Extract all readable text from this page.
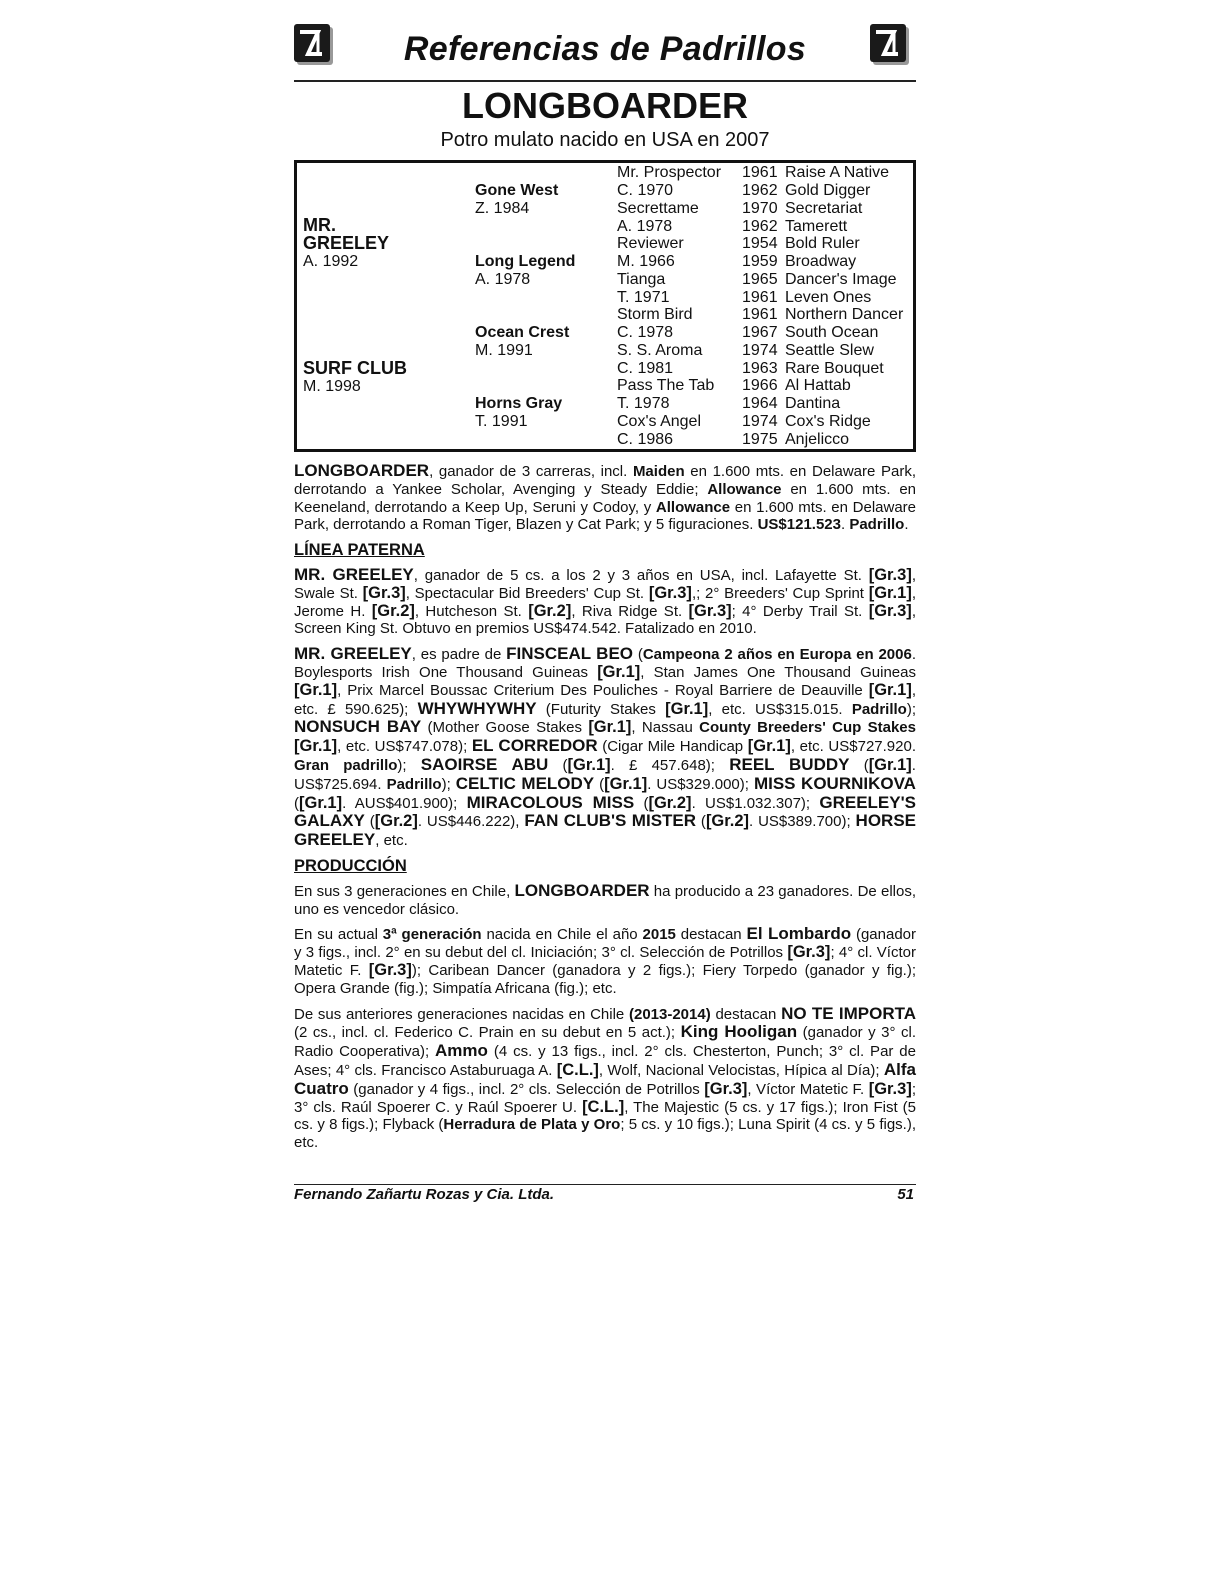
Referencias de Padrillos
LONGBOARDER
Potro mulato nacido en USA en 2007
MR.
GREELEY
A. 1992
SURF CLUB
M. 1998
Gone West
Z. 1984
Long Legend
A. 1978
Ocean Crest
M. 1991
Horns Gray
T. 1991
Mr. Prospector
C. 1970
Secrettame
A. 1978
Reviewer
M. 1966
Tianga
T. 1971
Storm Bird
C. 1978
S. S. Aroma
C. 1981
Pass The Tab
T. 1978
Cox's Angel
C. 1986
1961
1962
1970
1962
1954
1959
1965
1961
1961
1967
1974
1963
1966
1964
1974
1975
Raise A Native
Gold Digger
Secretariat
Tamerett
Bold Ruler
Broadway
Dancer's Image
Leven Ones
Northern Dancer
South Ocean
Seattle Slew
Rare Bouquet
Al Hattab
Dantina
Cox's Ridge
Anjelicco

LONGBOARDER, ganador de 3 carreras, incl. Maiden en 1.600 mts. en Delaware Park, derrotando a Yankee Scholar, Avenging y Steady Eddie; Allowance en 1.600 mts. en Keeneland, derrotando a Keep Up, Seruni y Codoy, y Allowance en 1.600 mts. en Delaware Park, derrotando a Roman Tiger, Blazen y Cat Park; y 5 figuraciones. US$121.523. Padrillo.

LÍNEA PATERNA

MR. GREELEY, ganador de 5 cs. a los 2 y 3 años en USA, incl. Lafayette St. [Gr.3], Swale St. [Gr.3], Spectacular Bid Breeders' Cup St. [Gr.3],; 2° Breeders' Cup Sprint [Gr.1], Jerome H. [Gr.2], Hutcheson St. [Gr.2], Riva Ridge St. [Gr.3]; 4° Derby Trail St. [Gr.3], Screen King St. Obtuvo en premios US$474.542. Fatalizado en 2010.

MR. GREELEY, es padre de FINSCEAL BEO (Campeona 2 años en Europa en 2006. Boylesports Irish One Thousand Guineas [Gr.1], Stan James One Thousand Guineas [Gr.1], Prix Marcel Boussac Criterium Des Pouliches - Royal Barriere de Deauville [Gr.1], etc. £ 590.625); WHYWHYWHY (Futurity Stakes [Gr.1], etc. US$315.015. Padrillo); NONSUCH BAY (Mother Goose Stakes [Gr.1], Nassau County Breeders' Cup Stakes [Gr.1], etc. US$747.078); EL CORREDOR (Cigar Mile Handicap [Gr.1], etc. US$727.920. Gran padrillo); SAOIRSE ABU ([Gr.1]. £ 457.648); REEL BUDDY ([Gr.1]. US$725.694. Padrillo); CELTIC MELODY ([Gr.1]. US$329.000); MISS KOURNIKOVA ([Gr.1]. AUS$401.900); MIRACOLOUS MISS ([Gr.2]. US$1.032.307); GREELEY'S GALAXY ([Gr.2]. US$446.222), FAN CLUB'S MISTER ([Gr.2]. US$389.700); HORSE GREELEY, etc.

PRODUCCIÓN

En sus 3 generaciones en Chile, LONGBOARDER ha producido a 23 ganadores. De ellos, uno es vencedor clásico.

En su actual 3ª generación nacida en Chile el año 2015 destacan El Lombardo (ganador y 3 figs., incl. 2° en su debut del cl. Iniciación; 3° cl. Selección de Potrillos [Gr.3]; 4° cl. Víctor Matetic F. [Gr.3]); Caribean Dancer (ganadora y 2 figs.); Fiery Torpedo (ganador y fig.); Opera Grande (fig.); Simpatía Africana (fig.); etc.

De sus anteriores generaciones nacidas en Chile (2013-2014) destacan NO TE IMPORTA (2 cs., incl. cl. Federico C. Prain en su debut en 5 act.); King Hooligan (ganador y 3° cl. Radio Cooperativa); Ammo (4 cs. y 13 figs., incl. 2° cls. Chesterton, Punch; 3° cl. Par de Ases; 4° cls. Francisco Astaburuaga A. [C.L.], Wolf, Nacional Velocistas, Hípica al Día); Alfa Cuatro (ganador y 4 figs., incl. 2° cls. Selección de Potrillos [Gr.3], Víctor Matetic F. [Gr.3]; 3° cls. Raúl Spoerer C. y Raúl Spoerer U. [C.L.], The Majestic (5 cs. y 17 figs.); Iron Fist (5 cs. y 8 figs.); Flyback (Herradura de Plata y Oro; 5 cs. y 10 figs.); Luna Spirit (4 cs. y 5 figs.), etc.

Fernando Zañartu Rozas y Cia. Ltda.	51
